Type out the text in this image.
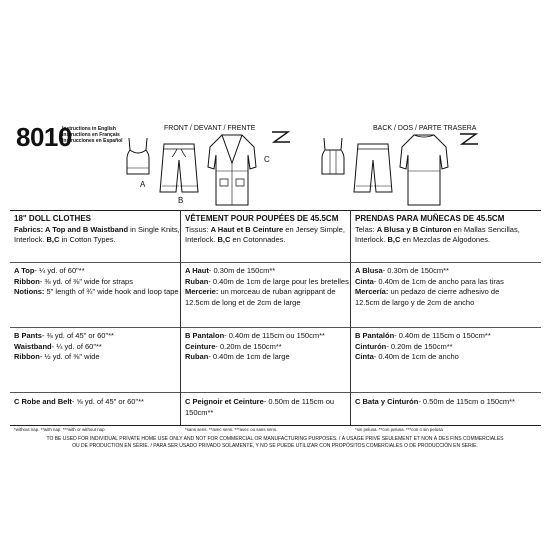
8010
Instructions in English
Instructions en Français
Instrucciones en Español
FRONT / DEVANT / FRENTE	BACK / DOS / PARTE TRASERA
A
B
C
18" DOLL CLOTHES
Fabrics: A Top and B Waistband in Single Knits,
Interlock. B,C in Cotton Types.
A Top- ¼ yd. of 60"**
Ribbon- ⅜ yd. of ⅜" wide for straps
Notions: 5" length of ¾" wide hook and loop tape
B Pants- ⅜ yd. of 45" or 60"**
Waistband- ¼ yd. of 60"**
Ribbon- ½ yd. of ⅜" wide
C Robe and Belt- ⅝ yd. of 45" or 60"**
*without nap. **with nap. ***with or without nap
VÊTEMENT POUR POUPÉES DE 45.5CM
Tissus: A Haut et B Ceinture en Jersey Simple,
Interlock. B,C en Cotonnades.
A Haut- 0.30m de 150cm**
Ruban- 0.40m de 1cm de large pour les bretelles
Mercerie: un morceau de ruban agrippant de
12.5cm de long et de 2cm de large
B Pantalon- 0.40m de 115cm ou 150cm**
Ceinture- 0.20m de 150cm**
Ruban- 0.40m de 1cm de large
C Peignoir et Ceinture- 0.50m de 115cm ou
150cm**
*sans sens. **avec sens. ***avec ou sans sens.
PRENDAS PARA MUÑECAS DE 45.5CM
Telas: A Blusa y B Cinturon en Mallas Sencillas,
Interlock. B,C en Mezclas de Algodones.
A Blusa- 0.30m de 150cm**
Cinta- 0.40m de 1cm de ancho para las tiras
Mercería: un pedazo de cierre adhesivo de
12.5cm de largo y de 2cm de ancho
B Pantalón- 0.40m de 115cm o 150cm**
Cinturón- 0.20m de 150cm**
Cinta- 0.40m de 1cm de ancho
C Bata y Cinturón- 0.50m de 115cm o 150cm**
*sin pelusa. **con pelusa. ***con o sin pelusa
TO BE USED FOR INDIVIDUAL PRIVATE HOME USE ONLY AND NOT FOR COMMERCIAL OR MANUFACTURING PURPOSES. / À USAGE PRIVÉ SEULEMENT ET NON À DES FINS COMMERCIALES
OU DE PRODUCTION EN SÉRIE. / PARA SER USADO PRIVADO SOLAMENTE, Y NO SE PUEDE UTILIZAR CON PROPÓSITOS COMERCIALES O DE PRODUCCIÓN EN SERIE.
